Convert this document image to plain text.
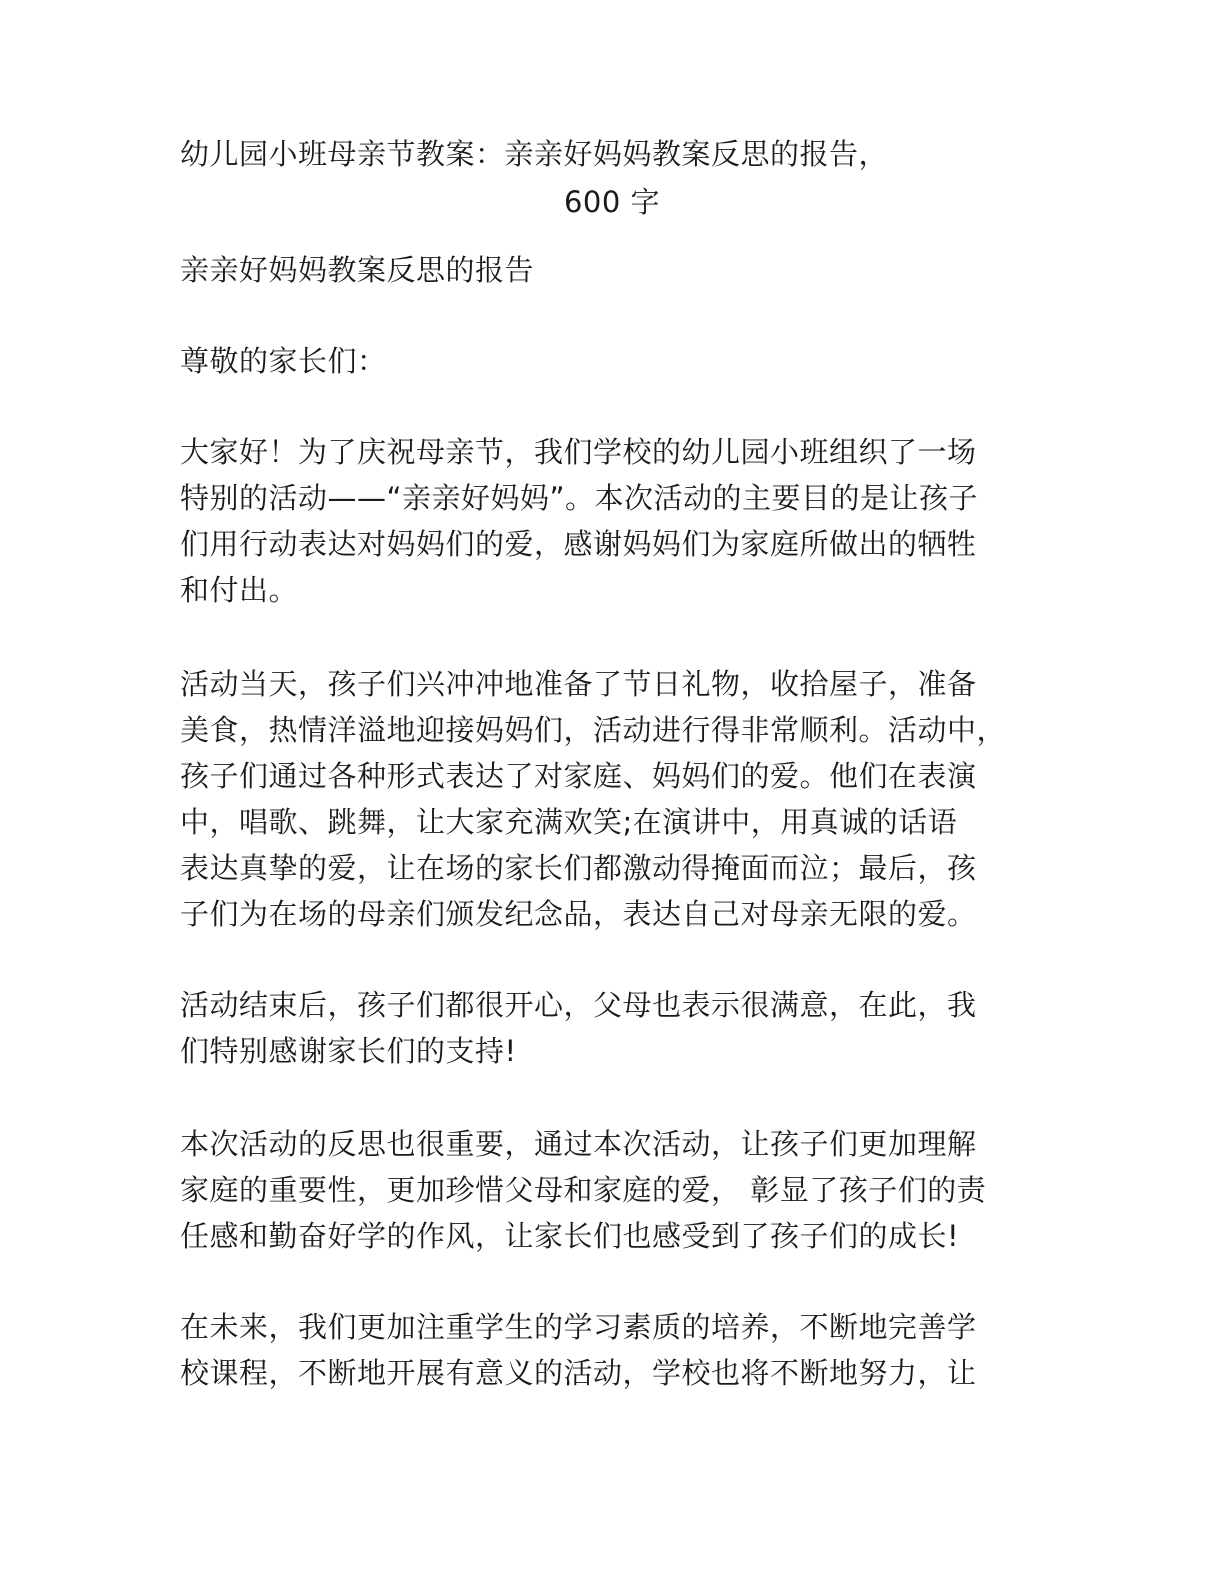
幼儿园小班母亲节教案：亲亲好妈妈教案反思的报告，
600 字

亲亲好妈妈教案反思的报告

尊敬的家长们：

大家好！为了庆祝母亲节，我们学校的幼儿园小班组织了一场
特别的活动——“亲亲好妈妈”。本次活动的主要目的是让孩子
们用行动表达对妈妈们的爱，感谢妈妈们为家庭所做出的牺牲
和付出。

活动当天，孩子们兴冲冲地准备了节日礼物，收拾屋子，准备
美食，热情洋溢地迎接妈妈们，活动进行得非常顺利。活动中，
孩子们通过各种形式表达了对家庭、妈妈们的爱。他们在表演
中，唱歌、跳舞，让大家充满欢笑;在演讲中，用真诚的话语
表达真挚的爱，让在场的家长们都激动得掩面而泣；最后，孩
子们为在场的母亲们颁发纪念品，表达自己对母亲无限的爱。

活动结束后，孩子们都很开心，父母也表示很满意，在此，我
们特别感谢家长们的支持!

本次活动的反思也很重要，通过本次活动，让孩子们更加理解
家庭的重要性，更加珍惜父母和家庭的爱， 彰显了孩子们的责
任感和勤奋好学的作风，让家长们也感受到了孩子们的成长!

在未来，我们更加注重学生的学习素质的培养，不断地完善学
校课程，不断地开展有意义的活动，学校也将不断地努力，让
